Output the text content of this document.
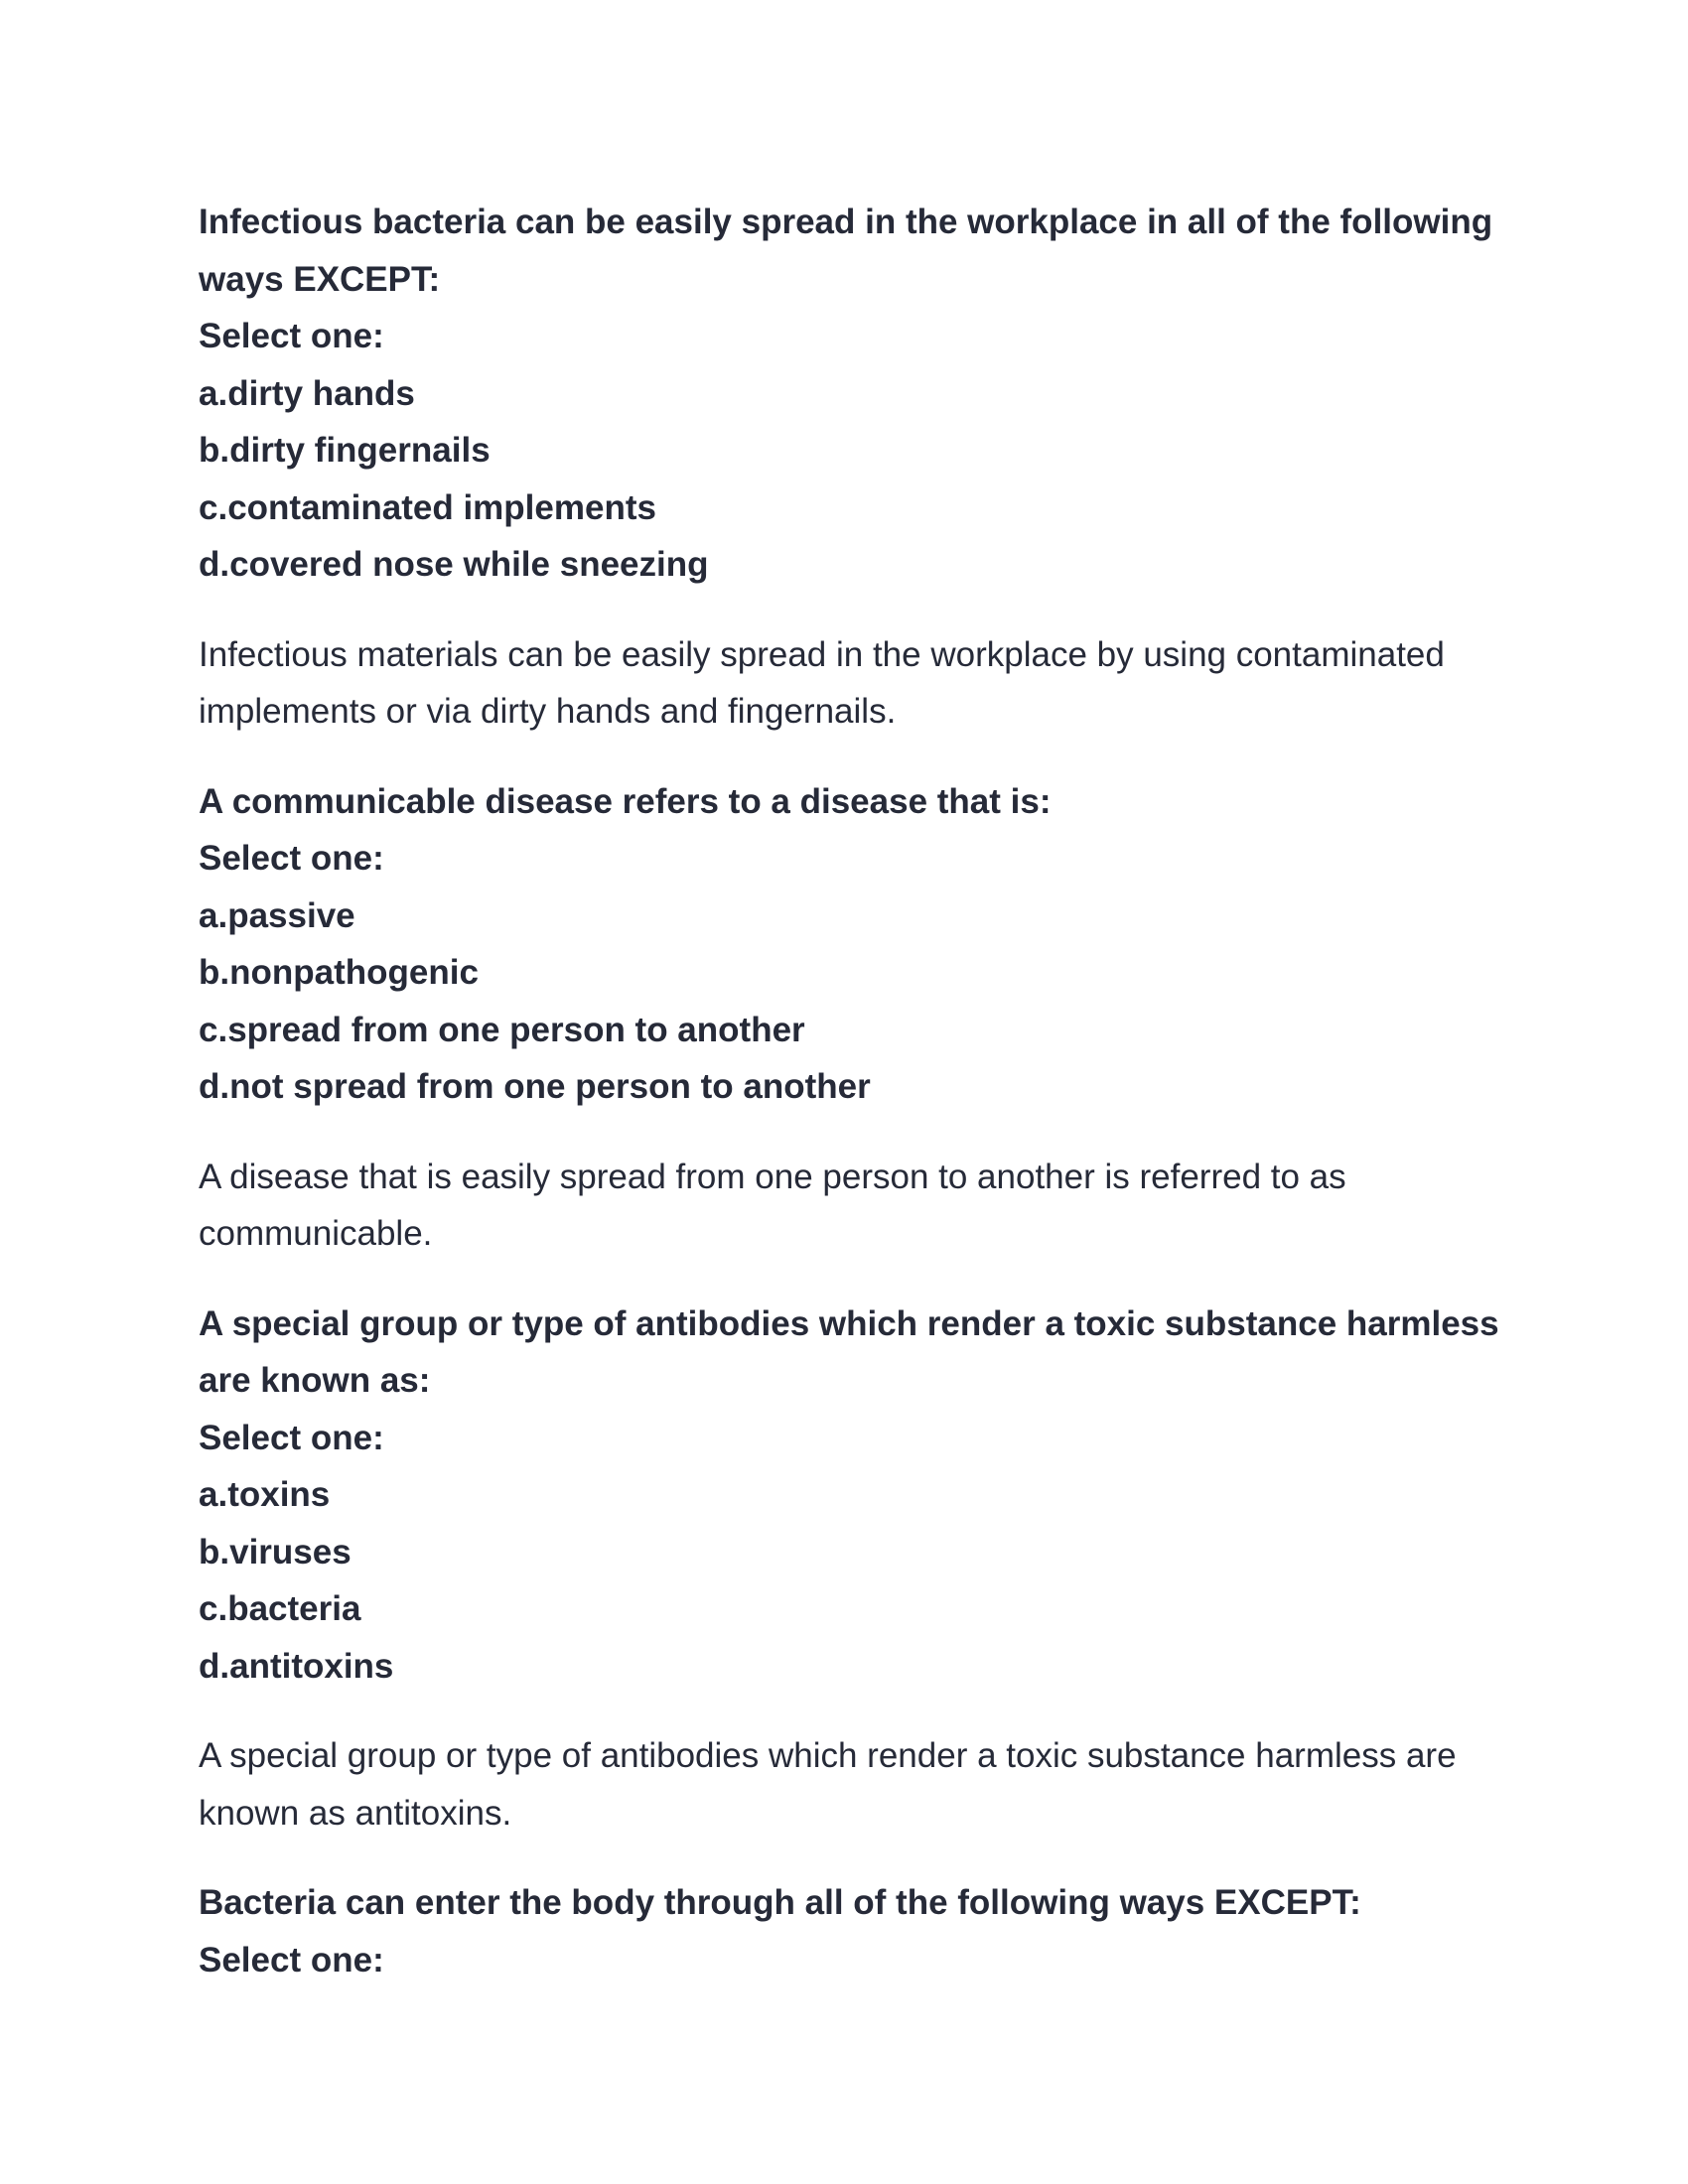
Infectious bacteria can be easily spread in the workplace in all of the following
ways EXCEPT:
Select one:
a.dirty hands
b.dirty fingernails
c.contaminated implements
d.covered nose while sneezing
Infectious materials can be easily spread in the workplace by using contaminated
implements or via dirty hands and fingernails.
A communicable disease refers to a disease that is:
Select one:
a.passive
b.nonpathogenic
c.spread from one person to another
d.not spread from one person to another
A disease that is easily spread from one person to another is referred to as
communicable.
A special group or type of antibodies which render a toxic substance harmless
are known as:
Select one:
a.toxins
b.viruses
c.bacteria
d.antitoxins
A special group or type of antibodies which render a toxic substance harmless are
known as antitoxins.
Bacteria can enter the body through all of the following ways EXCEPT:
Select one:
